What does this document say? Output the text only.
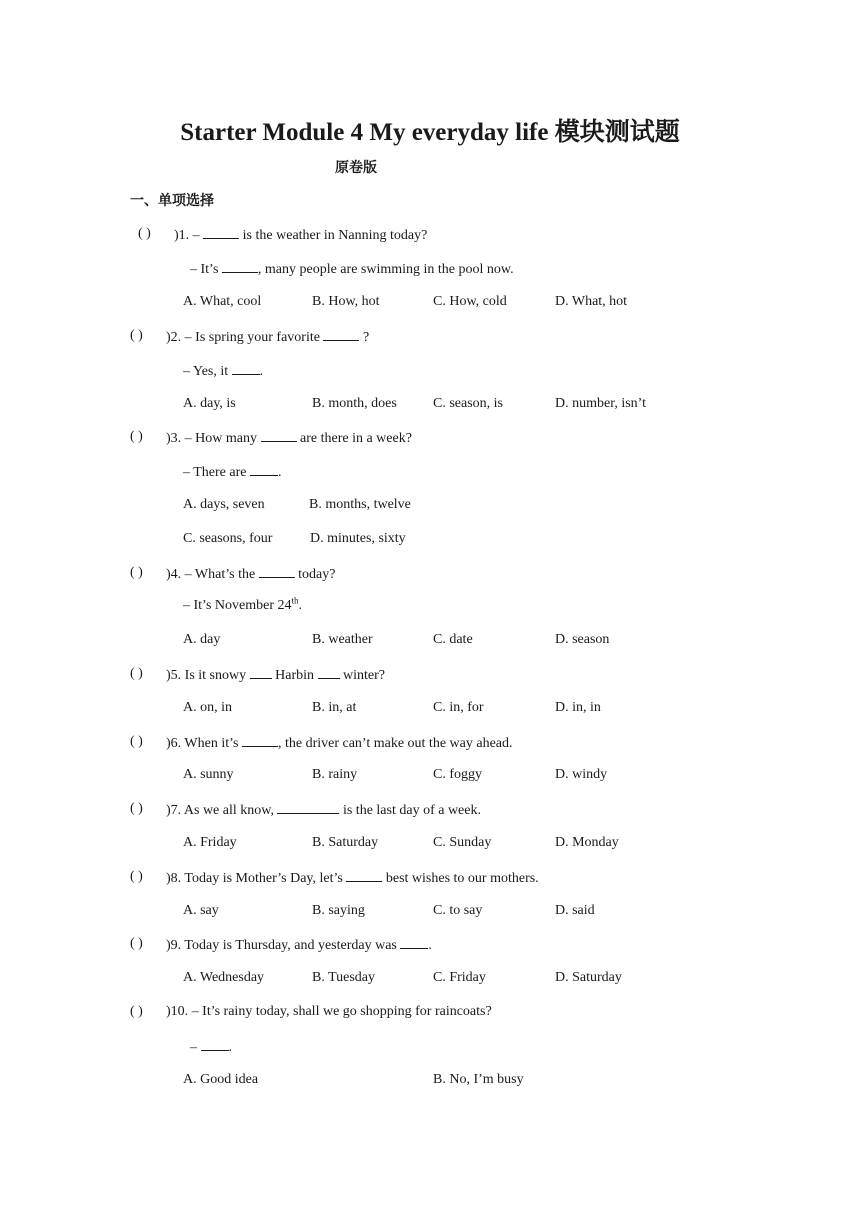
Starter Module 4 My everyday life 模块测试题
原卷版
一、单项选择
( ) )1. –	is the weather in Nanning today?
– It’s	, many people are swimming in the pool now.
A. What, cool	B. How, hot	C. How, cold	D. What, hot
( ) )2. – Is spring your favorite	?
– Yes, it .
A. day, is	B. month, does	C. season, is	D. number, isn’t
( ) )3. – How many	are there in a week?
– There are .
A. days, seven	B. months, twelve
C. seasons, four	D. minutes, sixty
( ) )4. – What’s the	today?
– It’s November 24th.
A. day	B. weather	C. date	D. season
( ) )5. Is it snowy Harbin winter?
A. on, in	B. in, at	C. in, for	D. in, in
( ) )6. When it’s	, the driver can’t make out the way ahead.
A. sunny	B. rainy	C. foggy	D. windy
( ) )7. As we all know,	is the last day of a week.
A. Friday	B. Saturday	C. Sunday	D. Monday
( ) )8. Today is Mother’s Day, let’s	best wishes to our mothers.
A. say	B. saying	C. to say	D. said
( ) )9. Today is Thursday, and yesterday was .
A. Wednesday	B. Tuesday	C. Friday	D. Saturday
( ) )10. – It’s rainy today, shall we go shopping for raincoats?
– .
A. Good idea	B. No, I’m busy
